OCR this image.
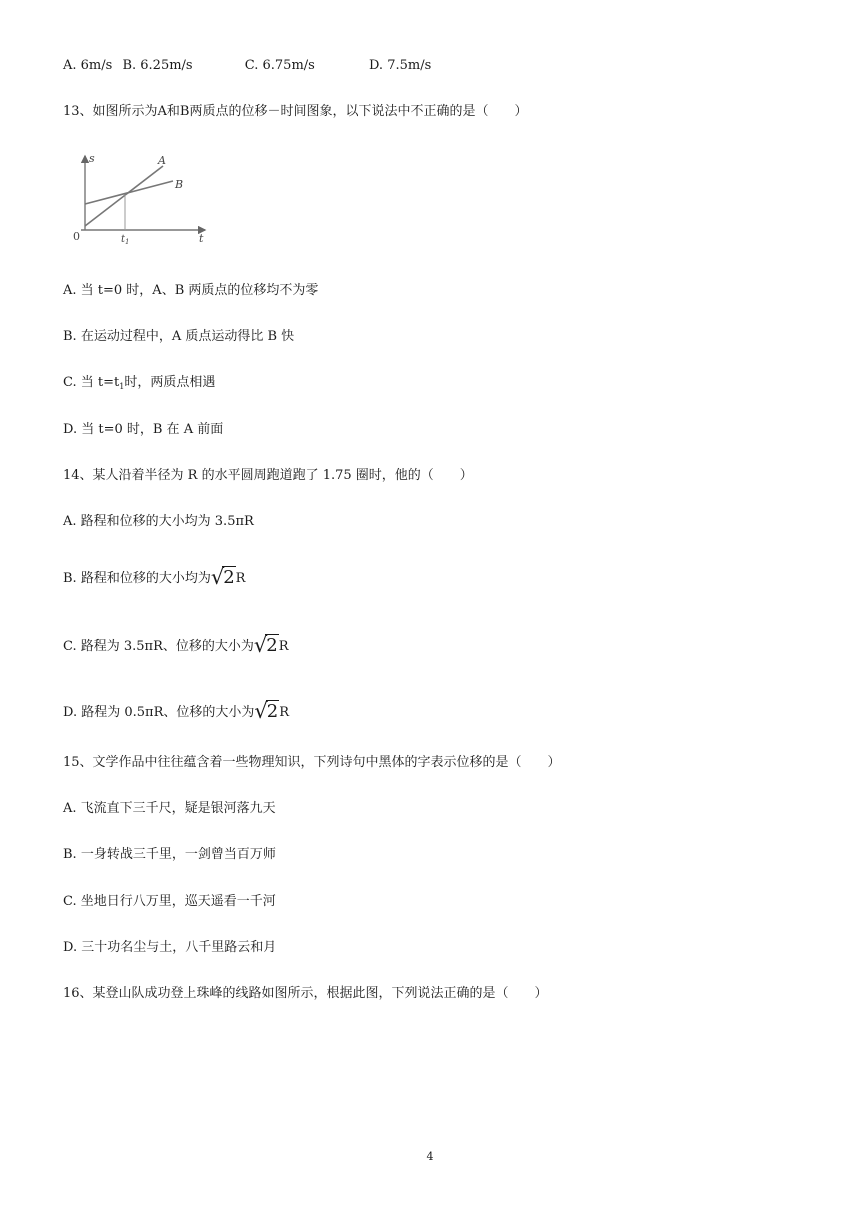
A. 6m/s B. 6.25m/s	C. 6.75m/s	D. 7.5m/s
13、如图所示为A和B两质点的位移－时间图象，以下说法中不正确的是（　　）
s
t
0	$t_1$
A
B
A. 当 t=0 时，A、B 两质点的位移均不为零
B. 在运动过程中，A 质点运动得比 B 快
C. 当 $t=t_1$时，两质点相遇
D. 当 t=0 时，B 在 A 前面
14、某人沿着半径为 R 的水平圆周跑道跑了 1.75 圈时，他的（　　）
A. 路程和位移的大小均为 3.5πR
B. 路程和位移的大小均为√2R
C. 路程为 3.5πR、位移的大小为√2R
D. 路程为 0.5πR、位移的大小为√2R
15、文学作品中往往蕴含着一些物理知识，下列诗句中黑体的字表示位移的是（　　）
A. 飞流直下三千尺，疑是银河落九天
B. 一身转战三千里，一剑曾当百万师
C. 坐地日行八万里，巡天遥看一千河
D. 三十功名尘与土，八千里路云和月
16、某登山队成功登上珠峰的线路如图所示，根据此图，下列说法正确的是（　　）
4
